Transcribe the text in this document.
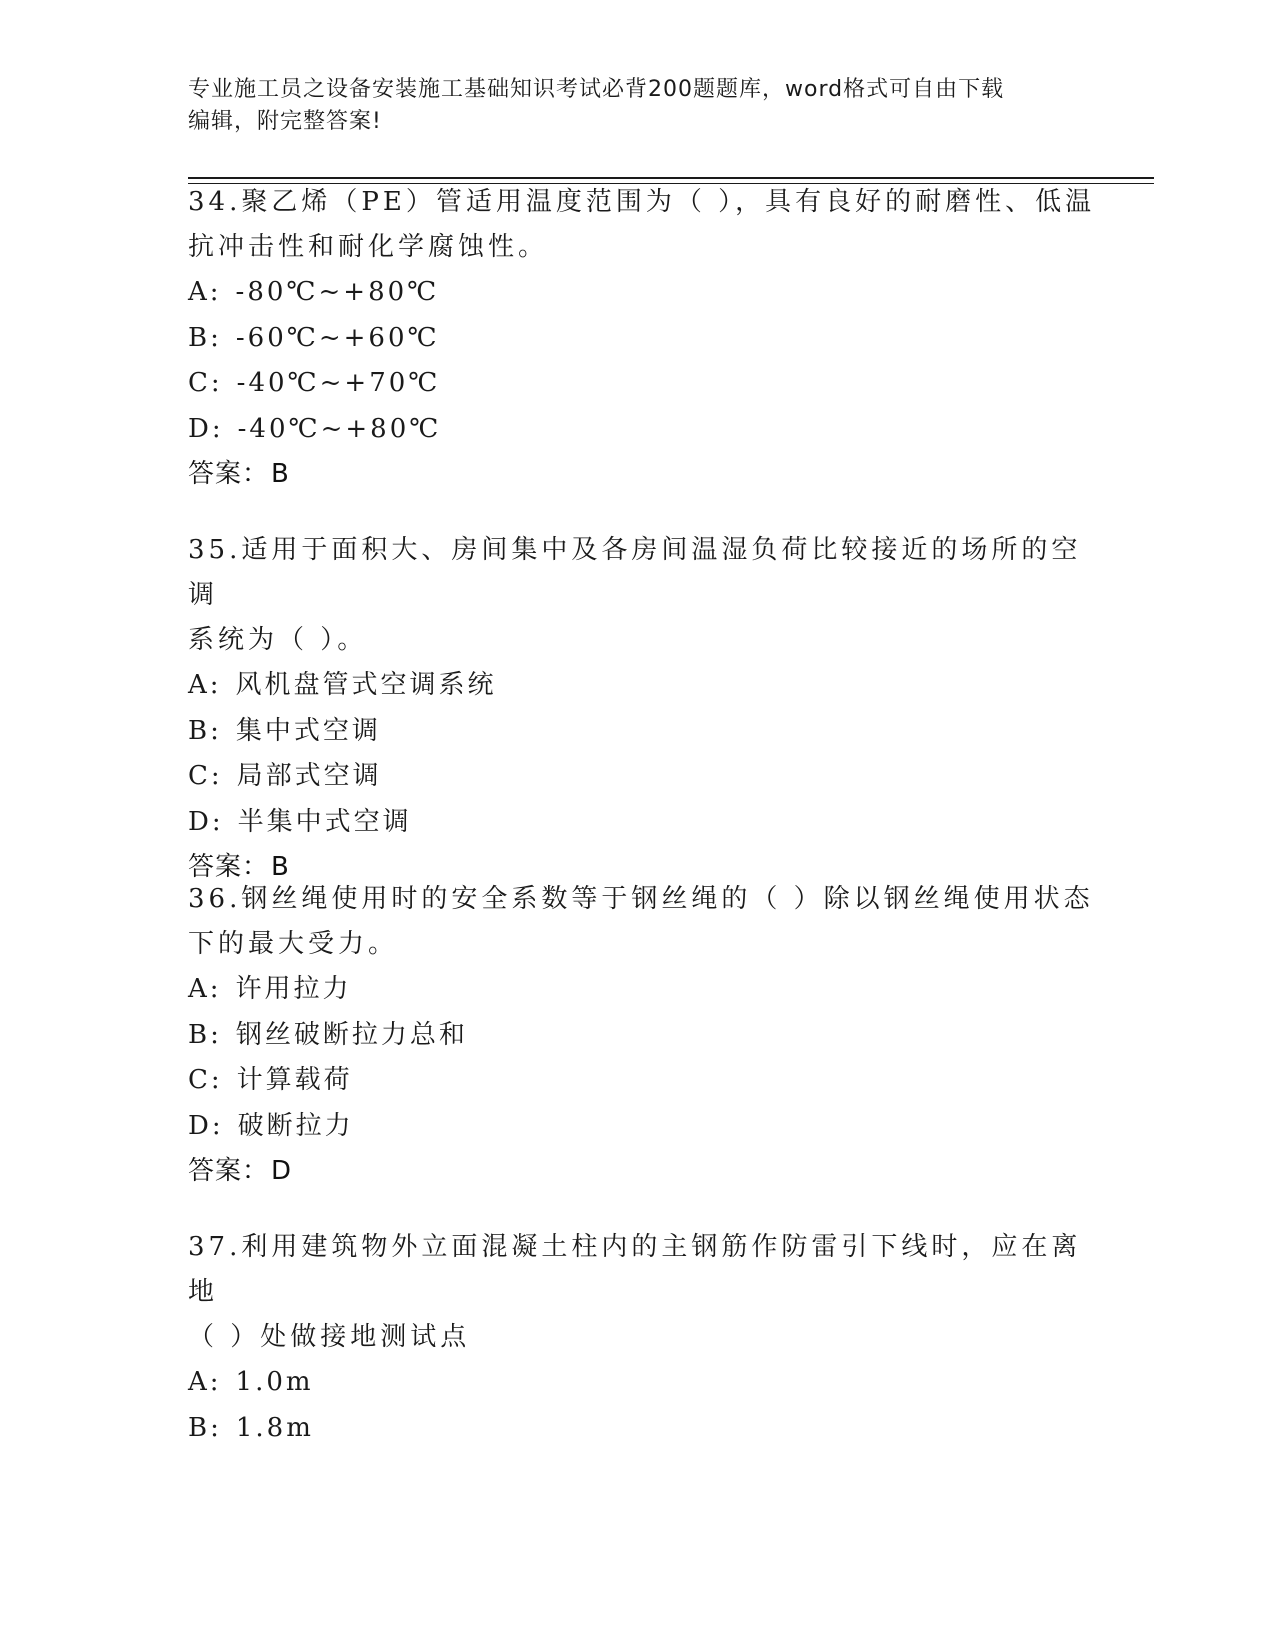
专业施工员之设备安装施工基础知识考试必背200题题库，word格式可自由下载
编辑，附完整答案!
34.聚乙烯（PE）管适用温度范围为（ ），具有良好的耐磨性、低温
抗冲击性和耐化学腐蚀性。
A: -80℃~+80℃
B: -60℃~+60℃
C: -40℃~+70℃
D: -40℃~+80℃
答案：B
35.适用于面积大、房间集中及各房间温湿负荷比较接近的场所的空调
系统为（ ）。
A: 风机盘管式空调系统
B: 集中式空调
C: 局部式空调
D: 半集中式空调
答案：B
36.钢丝绳使用时的安全系数等于钢丝绳的（ ）除以钢丝绳使用状态
下的最大受力。
A: 许用拉力
B: 钢丝破断拉力总和
C: 计算载荷
D: 破断拉力
答案：D
37.利用建筑物外立面混凝土柱内的主钢筋作防雷引下线时，应在离地
（ ）处做接地测试点
A: 1.0m
B: 1.8m
